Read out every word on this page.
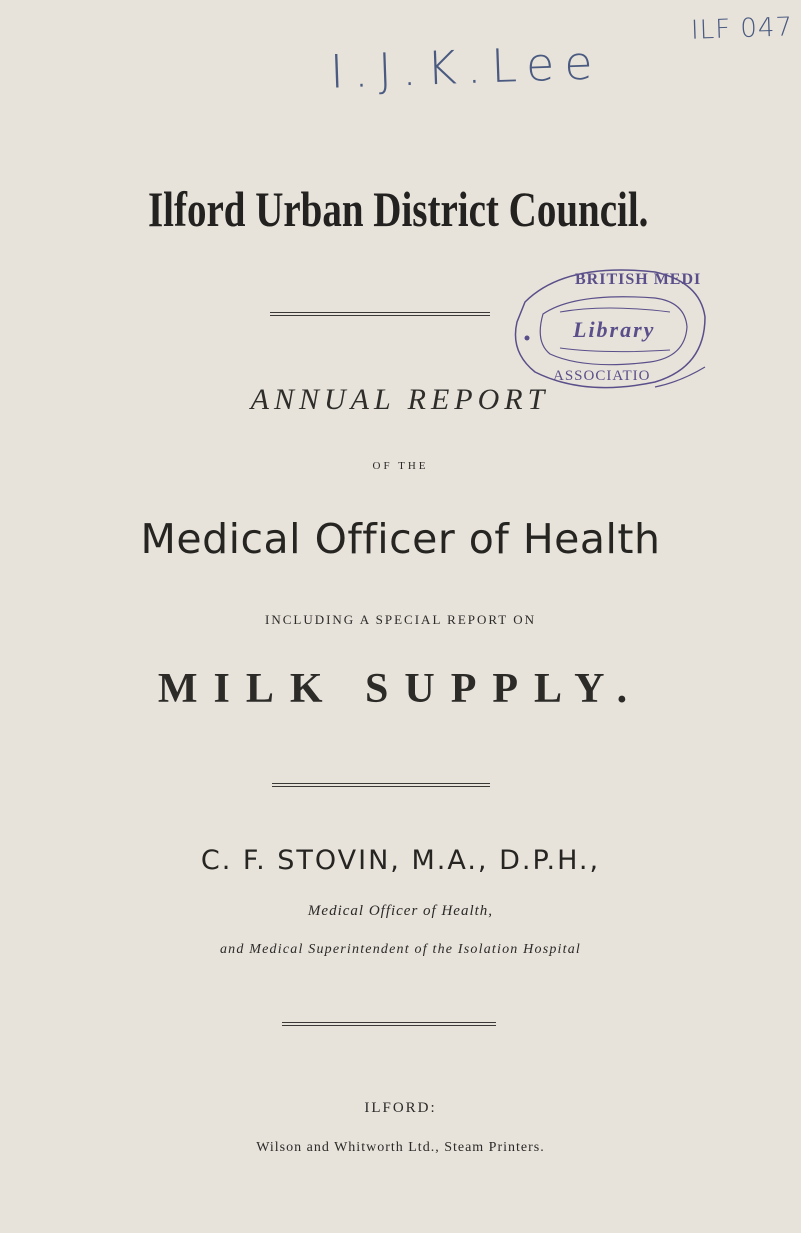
ILF 047
I.J.K.Lee
Ilford Urban District Council.
BRITISH MEDI
Library
ASSOCIATIO
ANNUAL REPORT
OF THE
Medical Officer of Health
INCLUDING A SPECIAL REPORT ON
MILK SUPPLY.
C. F. STOVIN, M.A., D.P.H.,
Medical Officer of Health,
and Medical Superintendent of the Isolation Hospital
ILFORD:
Wilson and Whitworth Ltd., Steam Printers.
